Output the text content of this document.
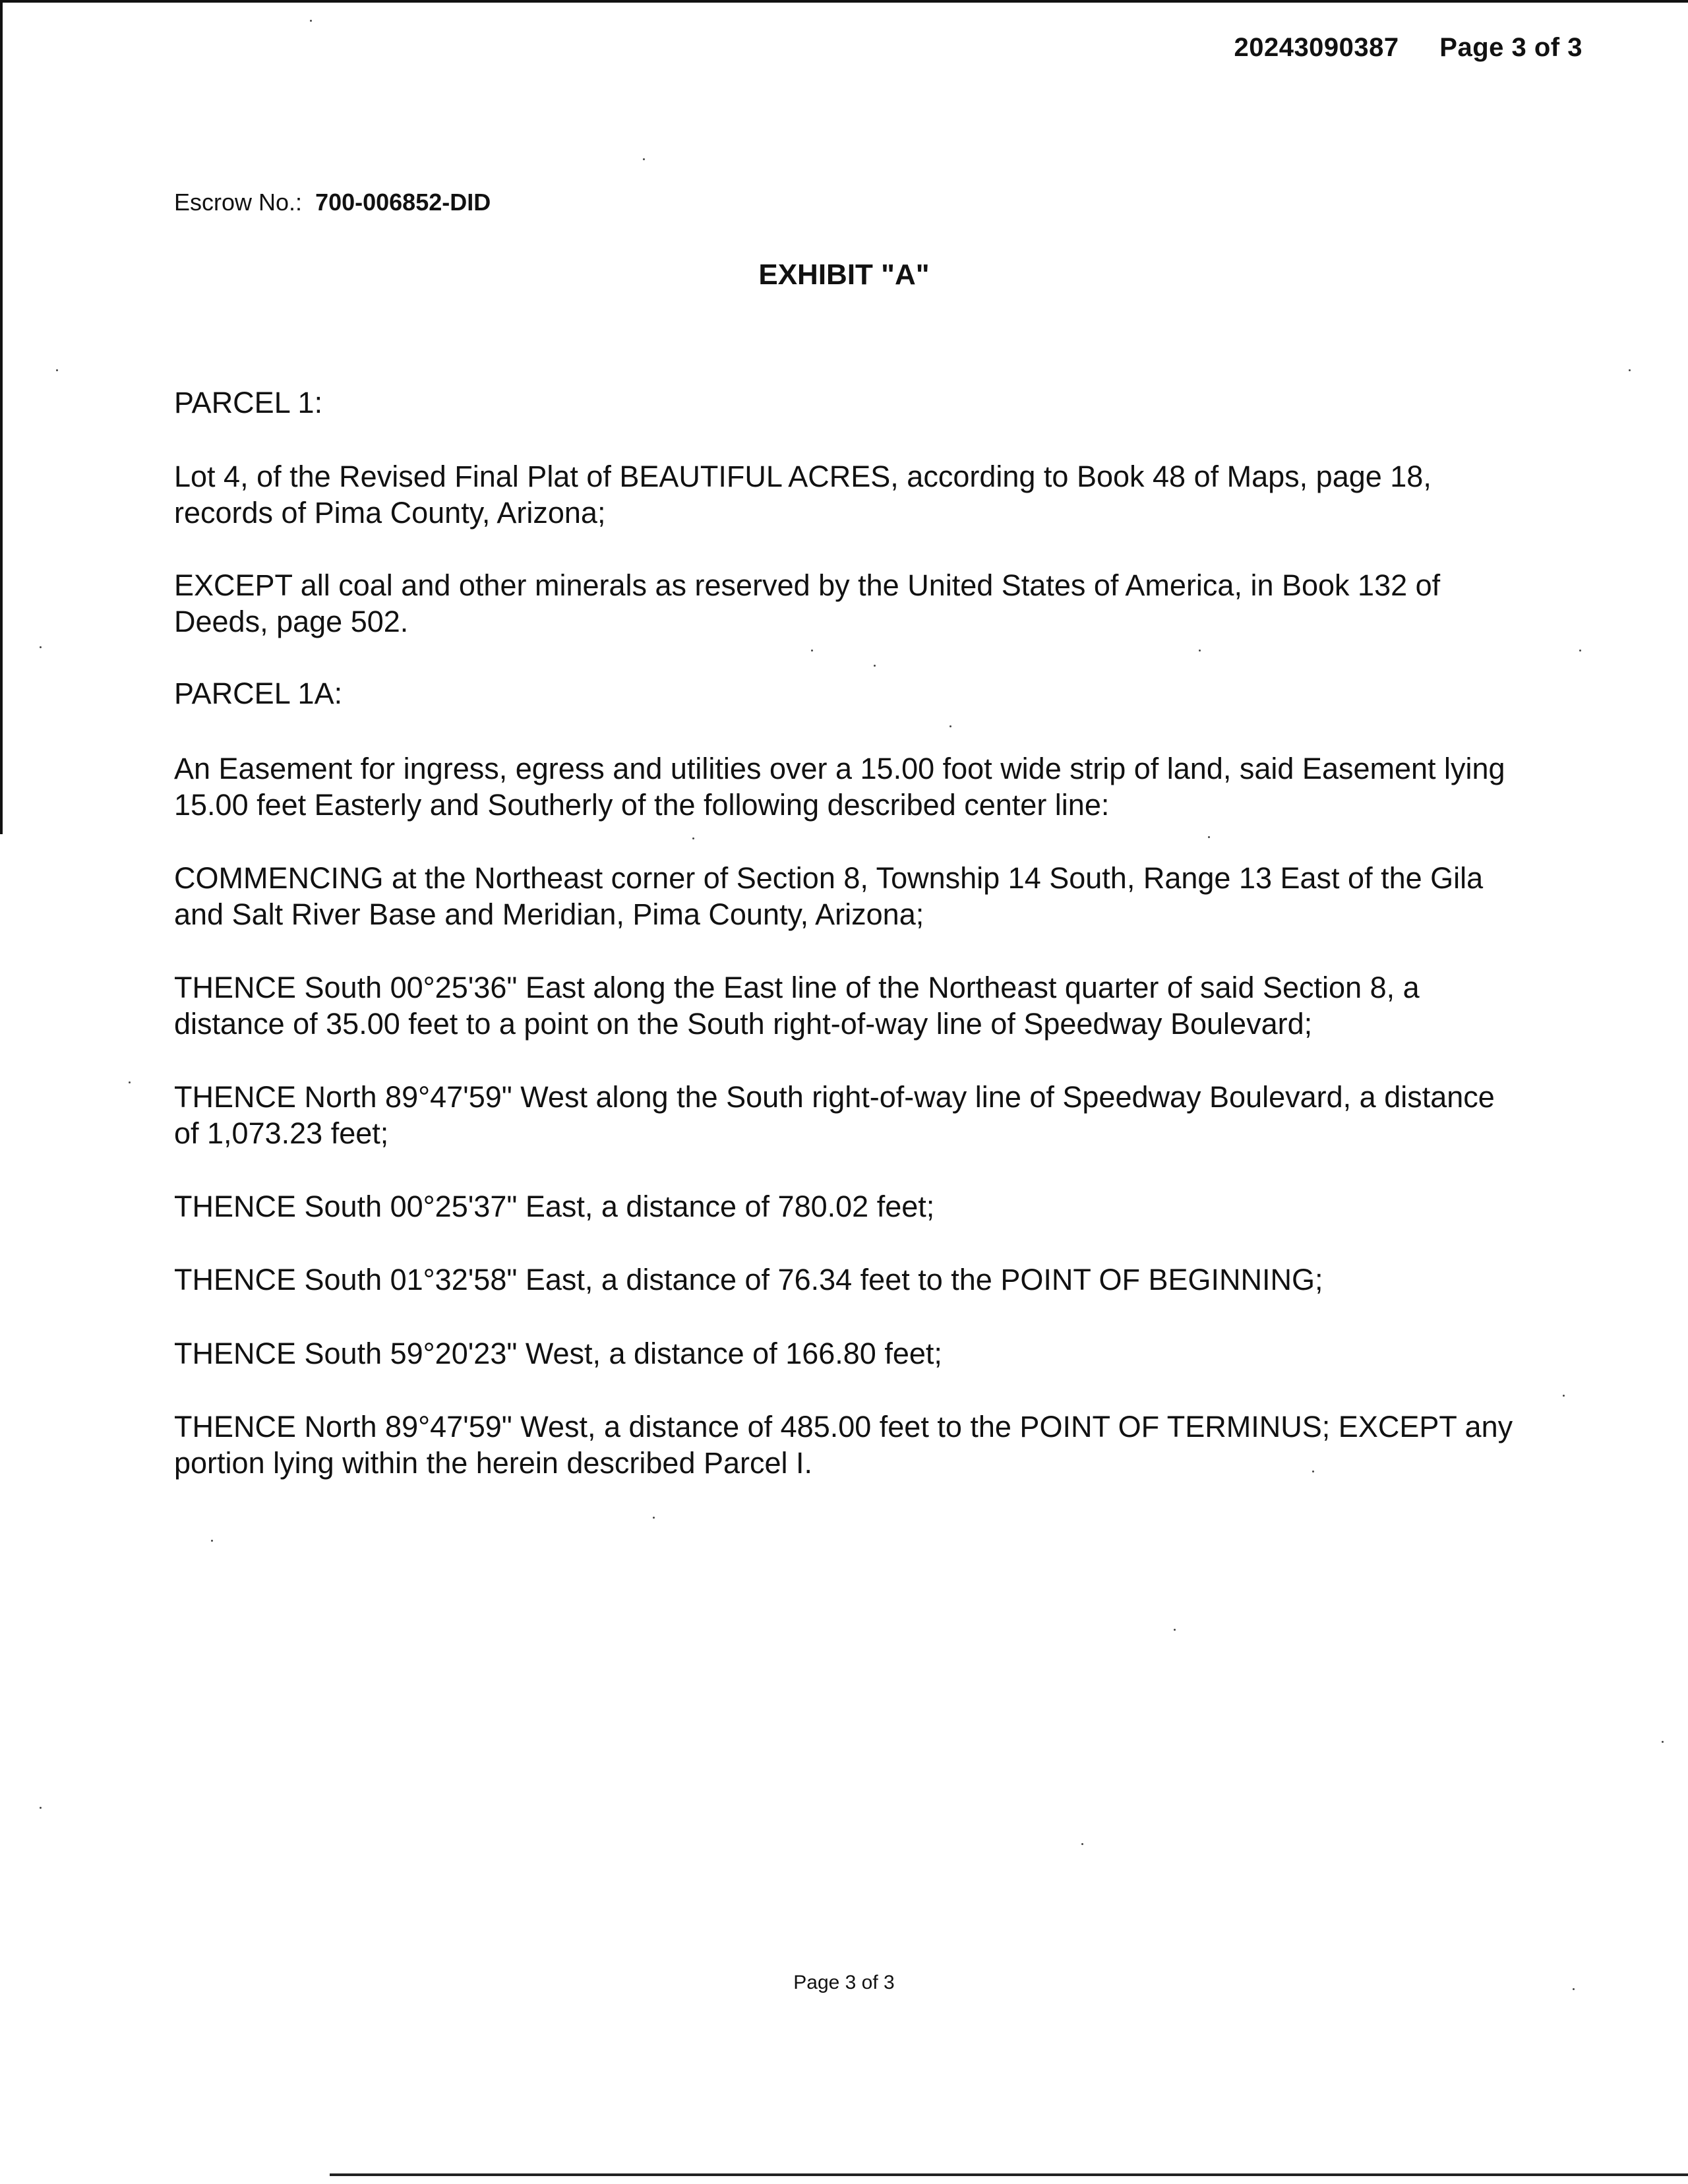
20243090387 Page 3 of 3
Escrow No.: 700-006852-DID
EXHIBIT "A"

PARCEL 1:

Lot 4, of the Revised Final Plat of BEAUTIFUL ACRES, according to Book 48 of Maps, page 18, records of Pima County, Arizona;

EXCEPT all coal and other minerals as reserved by the United States of America, in Book 132 of Deeds, page 502.

PARCEL 1A:

An Easement for ingress, egress and utilities over a 15.00 foot wide strip of land, said Easement lying 15.00 feet Easterly and Southerly of the following described center line:

COMMENCING at the Northeast corner of Section 8, Township 14 South, Range 13 East of the Gila and Salt River Base and Meridian, Pima County, Arizona;

THENCE South 00°25'36" East along the East line of the Northeast quarter of said Section 8, a distance of 35.00 feet to a point on the South right-of-way line of Speedway Boulevard;

THENCE North 89°47'59" West along the South right-of-way line of Speedway Boulevard, a distance of 1,073.23 feet;

THENCE South 00°25'37" East, a distance of 780.02 feet;

THENCE South 01°32'58" East, a distance of 76.34 feet to the POINT OF BEGINNING;

THENCE South 59°20'23" West, a distance of 166.80 feet;

THENCE North 89°47'59" West, a distance of 485.00 feet to the POINT OF TERMINUS; EXCEPT any portion lying within the herein described Parcel I.

Page 3 of 3
